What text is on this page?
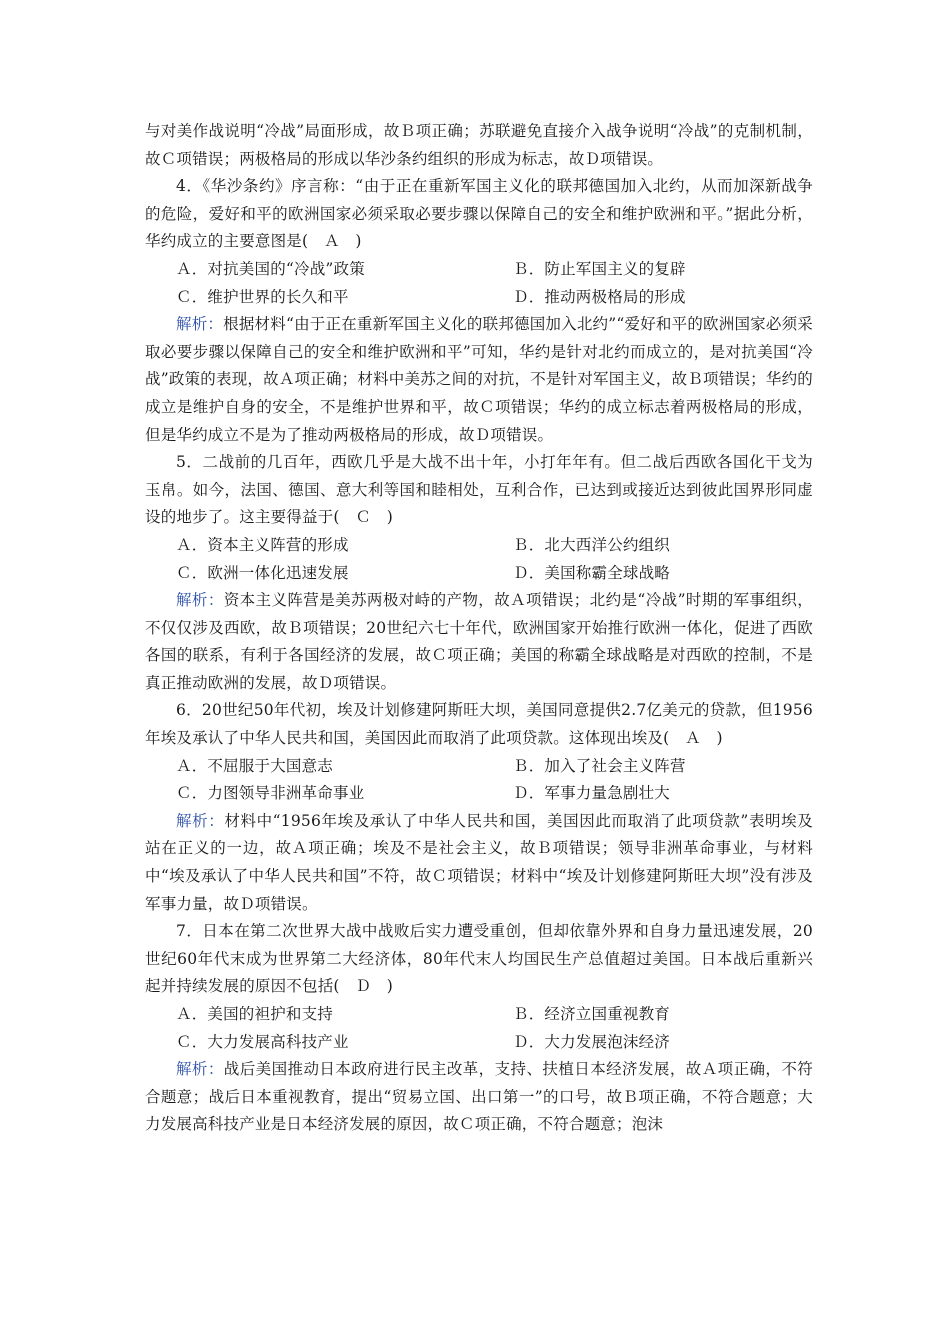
与对美作战说明“冷战”局面形成，故Ｂ项正确；苏联避免直接介入战争说明“冷战”的克制机制，故Ｃ项错误；两极格局的形成以华沙条约组织的形成为标志，故Ｄ项错误。

4．《华沙条约》序言称：“由于正在重新军国主义化的联邦德国加入北约，从而加深新战争的危险，爱好和平的欧洲国家必须采取必要步骤以保障自己的安全和维护欧洲和平。”据此分析，华约成立的主要意图是(　Ａ　)

Ａ．对抗美国的“冷战”政策	Ｂ．防止军国主义的复辟
Ｃ．维护世界的长久和平	Ｄ．推动两极格局的形成

解析：根据材料“由于正在重新军国主义化的联邦德国加入北约”“爱好和平的欧洲国家必须采取必要步骤以保障自己的安全和维护欧洲和平”可知，华约是针对北约而成立的，是对抗美国“冷战”政策的表现，故Ａ项正确；材料中美苏之间的对抗，不是针对军国主义，故Ｂ项错误；华约的成立是维护自身的安全，不是维护世界和平，故Ｃ项错误；华约的成立标志着两极格局的形成，但是华约成立不是为了推动两极格局的形成，故Ｄ项错误。

5．二战前的几百年，西欧几乎是大战不出十年，小打年年有。但二战后西欧各国化干戈为玉帛。如今，法国、德国、意大利等国和睦相处，互利合作，已达到或接近达到彼此国界形同虚设的地步了。这主要得益于(　Ｃ　)

Ａ．资本主义阵营的形成	Ｂ．北大西洋公约组织
Ｃ．欧洲一体化迅速发展	Ｄ．美国称霸全球战略

解析：资本主义阵营是美苏两极对峙的产物，故Ａ项错误；北约是“冷战”时期的军事组织，不仅仅涉及西欧，故Ｂ项错误；20世纪六七十年代，欧洲国家开始推行欧洲一体化，促进了西欧各国的联系，有利于各国经济的发展，故Ｃ项正确；美国的称霸全球战略是对西欧的控制，不是真正推动欧洲的发展，故Ｄ项错误。

6．20世纪50年代初，埃及计划修建阿斯旺大坝，美国同意提供2.7亿美元的贷款，但1956年埃及承认了中华人民共和国，美国因此而取消了此项贷款。这体现出埃及(　Ａ　)

Ａ．不屈服于大国意志	Ｂ．加入了社会主义阵营
Ｃ．力图领导非洲革命事业	Ｄ．军事力量急剧壮大

解析：材料中“1956年埃及承认了中华人民共和国，美国因此而取消了此项贷款”表明埃及站在正义的一边，故Ａ项正确；埃及不是社会主义，故Ｂ项错误；领导非洲革命事业，与材料中“埃及承认了中华人民共和国”不符，故Ｃ项错误；材料中“埃及计划修建阿斯旺大坝”没有涉及军事力量，故Ｄ项错误。

7．日本在第二次世界大战中战败后实力遭受重创，但却依靠外界和自身力量迅速发展，20世纪60年代末成为世界第二大经济体，80年代末人均国民生产总值超过美国。日本战后重新兴起并持续发展的原因不包括(　Ｄ　)

Ａ．美国的袒护和支持	Ｂ．经济立国重视教育
Ｃ．大力发展高科技产业	Ｄ．大力发展泡沫经济

解析：战后美国推动日本政府进行民主改革，支持、扶植日本经济发展，故Ａ项正确，不符合题意；战后日本重视教育，提出“贸易立国、出口第一”的口号，故Ｂ项正确，不符合题意；大力发展高科技产业是日本经济发展的原因，故Ｃ项正确，不符合题意；泡沫
